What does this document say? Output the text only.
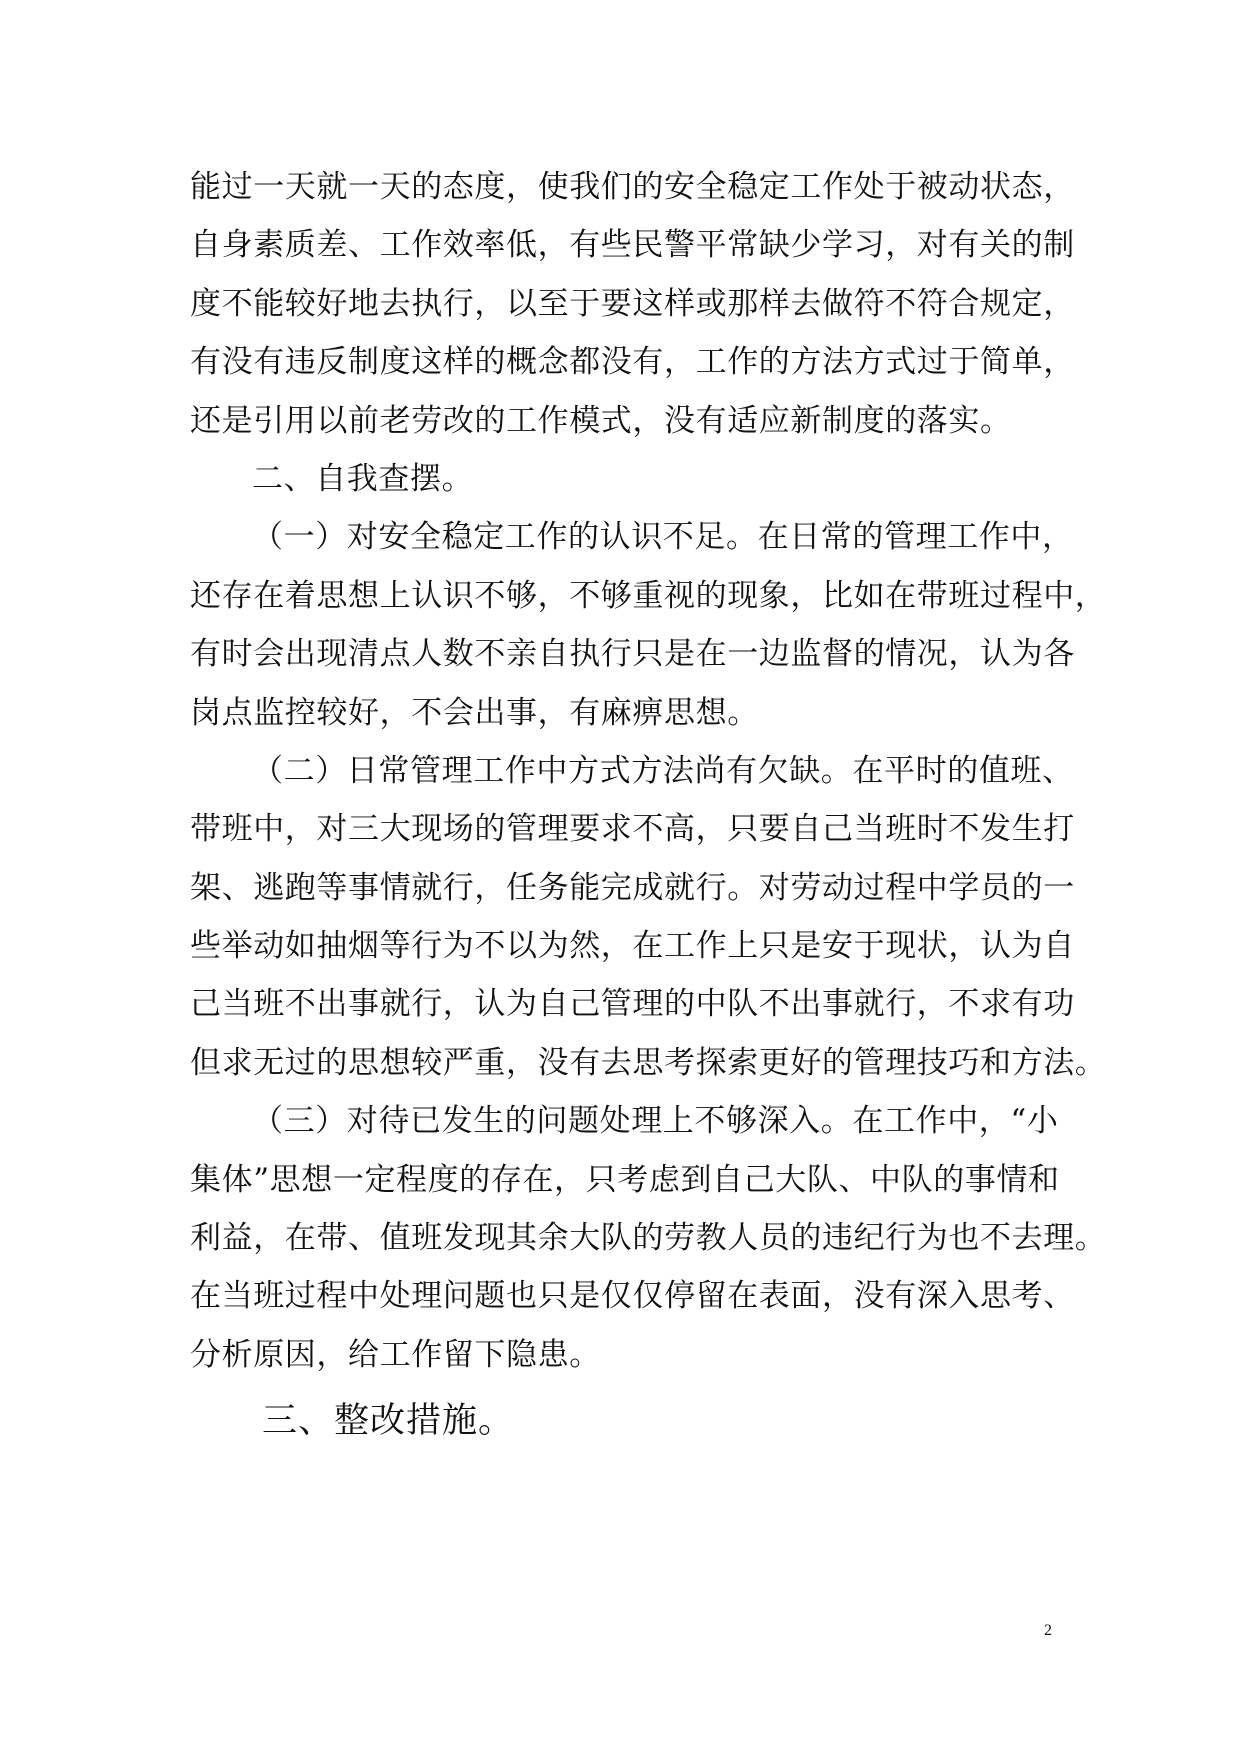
能过一天就一天的态度，使我们的安全稳定工作处于被动状态，
自身素质差、工作效率低，有些民警平常缺少学习，对有关的制
度不能较好地去执行，以至于要这样或那样去做符不符合规定，
有没有违反制度这样的概念都没有，工作的方法方式过于简单，
还是引用以前老劳改的工作模式，没有适应新制度的落实。
二、自我查摆。
（一）对安全稳定工作的认识不足。在日常的管理工作中，
还存在着思想上认识不够，不够重视的现象，比如在带班过程中，
有时会出现清点人数不亲自执行只是在一边监督的情况，认为各
岗点监控较好，不会出事，有麻痹思想。
（二）日常管理工作中方式方法尚有欠缺。在平时的值班、
带班中，对三大现场的管理要求不高，只要自己当班时不发生打
架、逃跑等事情就行，任务能完成就行。对劳动过程中学员的一
些举动如抽烟等行为不以为然，在工作上只是安于现状，认为自
己当班不出事就行，认为自己管理的中队不出事就行，不求有功
但求无过的思想较严重，没有去思考探索更好的管理技巧和方法。
（三）对待已发生的问题处理上不够深入。在工作中，“小
集体”思想一定程度的存在，只考虑到自己大队、中队的事情和
利益，在带、值班发现其余大队的劳教人员的违纪行为也不去理。
在当班过程中处理问题也只是仅仅停留在表面，没有深入思考、
分析原因，给工作留下隐患。
三、整改措施。
2
